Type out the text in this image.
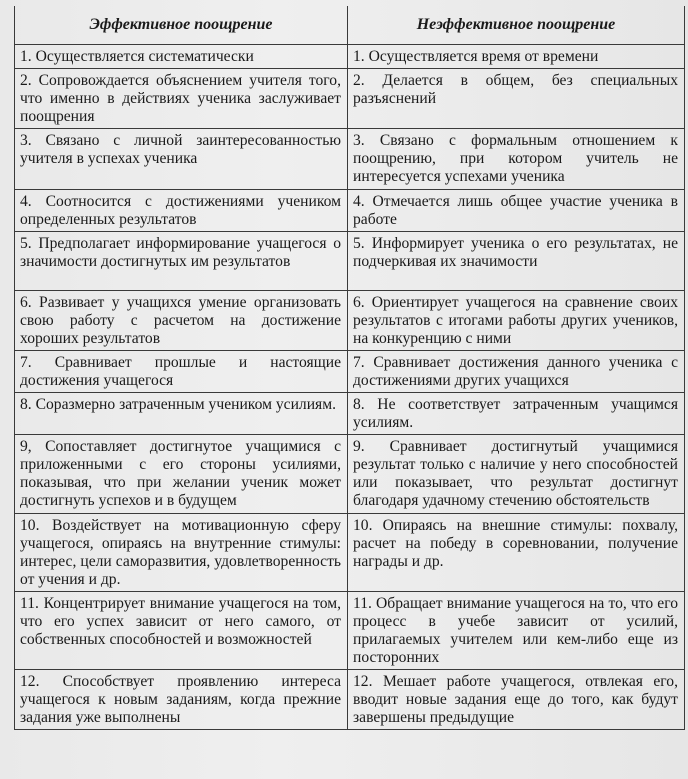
Эффективное поощрение	Неэффективное поощрение
1. Осуществляется систематически	1. Осуществляется время от времени
2. Сопровождается объяснением учителя того, что именно в действиях ученика заслуживает поощрения	2. Делается в общем, без специальных разъяснений
3. Связано с личной заинтересованностью учителя в успехах ученика	3. Связано с формальным отношением к поощрению, при котором учитель не интересуется успехами ученика
4. Соотносится с достижениями учеником определенных результатов	4. Отмечается лишь общее участие ученика в работе
5. Предполагает информирование учащегося о значимости достигнутых им результатов	5. Информирует ученика о его результатах, не подчеркивая их значимости
6. Развивает у учащихся умение организовать свою работу с расчетом на достижение хороших результатов	6. Ориентирует учащегося на сравнение своих результатов с итогами работы других учеников, на конкуренцию с ними
7. Сравнивает прошлые и настоящие достижения учащегося	7. Сравнивает достижения данного ученика с достижениями других учащихся
8. Соразмерно затраченным учеником усилиям.	8. Не соответствует затраченным учащимся усилиям.
9, Сопоставляет достигнутое учащимися с приложенными с его стороны усилиями, показывая, что при желании ученик может достигнуть успехов и в будущем	9. Сравнивает достигнутый учащимися результат только с наличие у него способностей или показывает, что результат достигнут благодаря удачному стечению обстоятельств
10. Воздействует на мотивационную сферу учащегося, опираясь на внутренние стимулы: интерес, цели саморазвития, удовлетворенность от учения и др.	10. Опираясь на внешние стимулы: похвалу, расчет на победу в соревновании, получение награды и др.
11. Концентрирует внимание учащегося на том, что его успех зависит от него самого, от собственных способностей и возможностей	11. Обращает внимание учащегося на то, что его процесс в учебе зависит от усилий, прилагаемых учителем или кем-либо еще из посторонних
12. Способствует проявлению интереса учащегося к новым заданиям, когда прежние задания уже выполнены	12. Мешает работе учащегося, отвлекая его, вводит новые задания еще до того, как будут завершены предыдущие
